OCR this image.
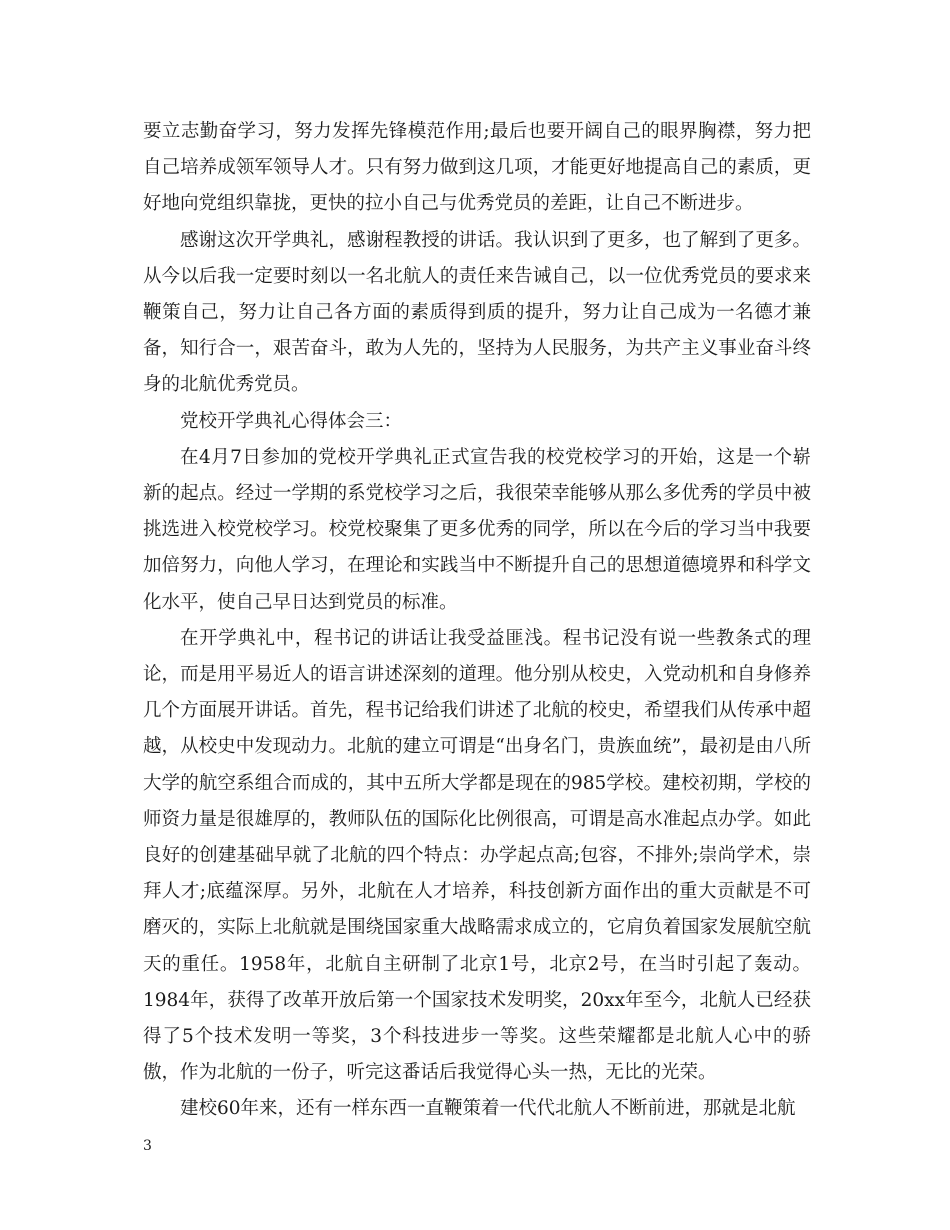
要立志勤奋学习，努力发挥先锋模范作用;最后也要开阔自己的眼界胸襟，努力把自己培养成领军领导人才。只有努力做到这几项，才能更好地提高自己的素质，更好地向党组织靠拢，更快的拉小自己与优秀党员的差距，让自己不断进步。

感谢这次开学典礼，感谢程教授的讲话。我认识到了更多，也了解到了更多。从今以后我一定要时刻以一名北航人的责任来告诫自己，以一位优秀党员的要求来鞭策自己，努力让自己各方面的素质得到质的提升，努力让自己成为一名德才兼备，知行合一，艰苦奋斗，敢为人先的，坚持为人民服务，为共产主义事业奋斗终身的北航优秀党员。

党校开学典礼心得体会三：

在4月7日参加的党校开学典礼正式宣告我的校党校学习的开始，这是一个崭新的起点。经过一学期的系党校学习之后，我很荣幸能够从那么多优秀的学员中被挑选进入校党校学习。校党校聚集了更多优秀的同学，所以在今后的学习当中我要加倍努力，向他人学习，在理论和实践当中不断提升自己的思想道德境界和科学文化水平，使自己早日达到党员的标准。

在开学典礼中，程书记的讲话让我受益匪浅。程书记没有说一些教条式的理论，而是用平易近人的语言讲述深刻的道理。他分别从校史，入党动机和自身修养几个方面展开讲话。首先，程书记给我们讲述了北航的校史，希望我们从传承中超越，从校史中发现动力。北航的建立可谓是“出身名门，贵族血统”，最初是由八所大学的航空系组合而成的，其中五所大学都是现在的985学校。建校初期，学校的师资力量是很雄厚的，教师队伍的国际化比例很高，可谓是高水准起点办学。如此良好的创建基础早就了北航的四个特点：办学起点高;包容，不排外;崇尚学术，崇拜人才;底蕴深厚。另外，北航在人才培养，科技创新方面作出的重大贡献是不可磨灭的，实际上北航就是围绕国家重大战略需求成立的，它肩负着国家发展航空航天的重任。1958年，北航自主研制了北京1号，北京2号，在当时引起了轰动。1984年，获得了改革开放后第一个国家技术发明奖，20xx年至今，北航人已经获得了5个技术发明一等奖，3个科技进步一等奖。这些荣耀都是北航人心中的骄傲，作为北航的一份子，听完这番话后我觉得心头一热，无比的光荣。

建校60年来，还有一样东西一直鞭策着一代代北航人不断前进，那就是北航

3
